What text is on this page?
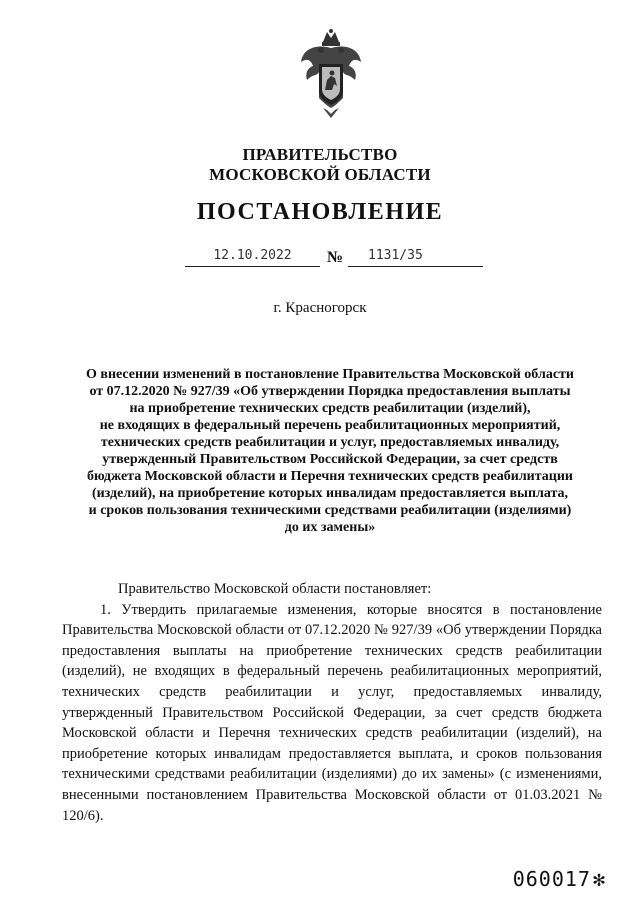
ПРАВИТЕЛЬСТВО
МОСКОВСКОЙ ОБЛАСТИ
ПОСТАНОВЛЕНИЕ
12.10.2022	№	1131/35
г. Красногорск
О внесении изменений в постановление Правительства Московской области
от 07.12.2020 № 927/39 «Об утверждении Порядка предоставления выплаты
на приобретение технических средств реабилитации (изделий),
не входящих в федеральный перечень реабилитационных мероприятий,
технических средств реабилитации и услуг, предоставляемых инвалиду,
утвержденный Правительством Российской Федерации, за счет средств
бюджета Московской области и Перечня технических средств реабилитации
(изделий), на приобретение которых инвалидам предоставляется выплата,
и сроков пользования техническими средствами реабилитации (изделиями)
до их замены»
Правительство Московской области постановляет:
1. Утвердить прилагаемые изменения, которые вносятся в постановление Правительства Московской области от 07.12.2020 № 927/39 «Об утверждении Порядка предоставления выплаты на приобретение технических средств реабилитации (изделий), не входящих в федеральный перечень реабилитационных мероприятий, технических средств реабилитации и услуг, предоставляемых инвалиду, утвержденный Правительством Российской Федерации, за счет средств бюджета Московской области и Перечня технических средств реабилитации (изделий), на приобретение которых инвалидам предоставляется выплата, и сроков пользования техническими средствами реабилитации (изделиями) до их замены» (с изменениями, внесенными постановлением Правительства Московской области от 01.03.2021 № 120/6).
060017 ✻
